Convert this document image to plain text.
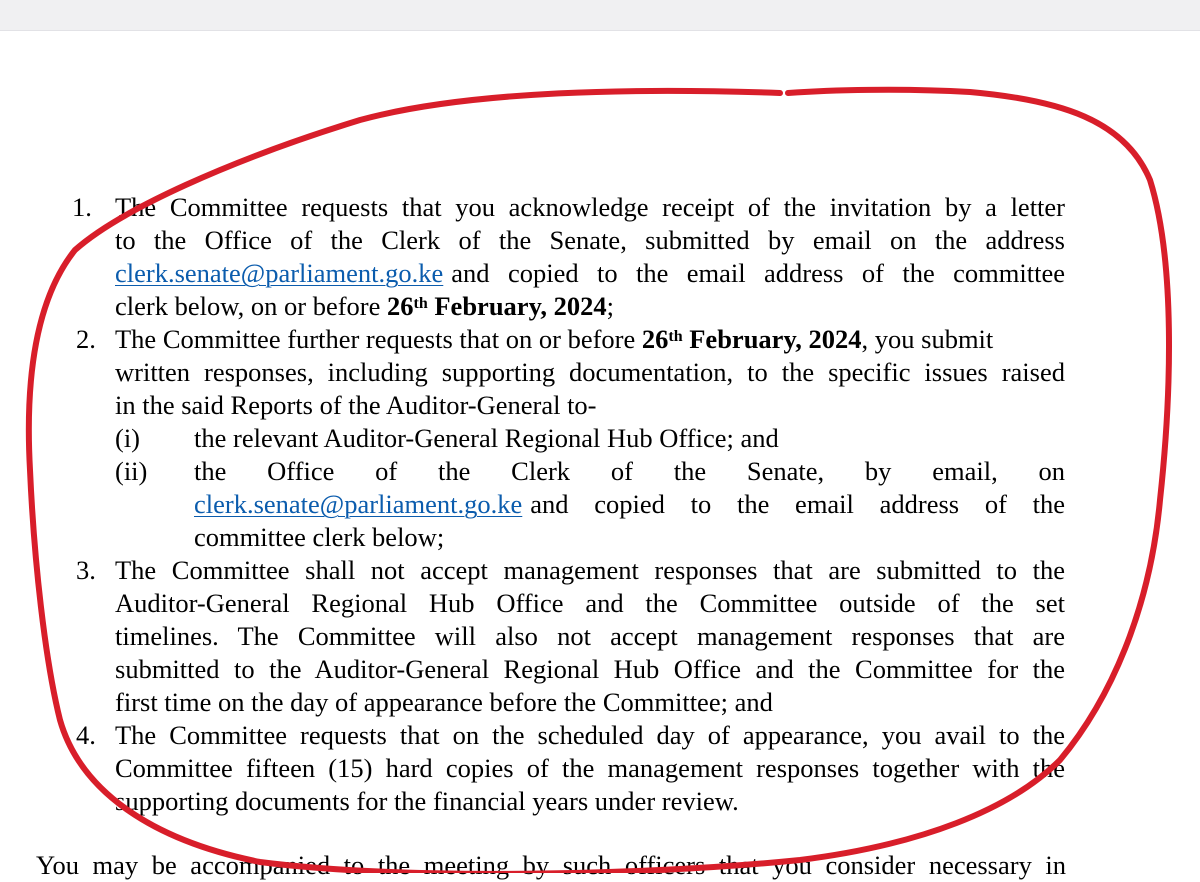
1. The Committee requests that you acknowledge receipt of the invitation by a letter
to the Office of the Clerk of the Senate, submitted by email on the address
clerk.senate@parliament.go.ke and copied to the email address of the committee
clerk below, on or before 26th February, 2024;
2. The Committee further requests that on or before 26th February, 2024, you submit
written responses, including supporting documentation, to the specific issues raised
in the said Reports of the Auditor-General to-
(i) the relevant Auditor-General Regional Hub Office; and
(ii) the Office of the Clerk of the Senate, by email, on
clerk.senate@parliament.go.ke and copied to the email address of the
committee clerk below;
3. The Committee shall not accept management responses that are submitted to the
Auditor-General Regional Hub Office and the Committee outside of the set
timelines. The Committee will also not accept management responses that are
submitted to the Auditor-General Regional Hub Office and the Committee for the
first time on the day of appearance before the Committee; and
4. The Committee requests that on the scheduled day of appearance, you avail to the
Committee fifteen (15) hard copies of the management responses together with the
supporting documents for the financial years under review.
You may be accompanied to the meeting by such officers that you consider necessary in
